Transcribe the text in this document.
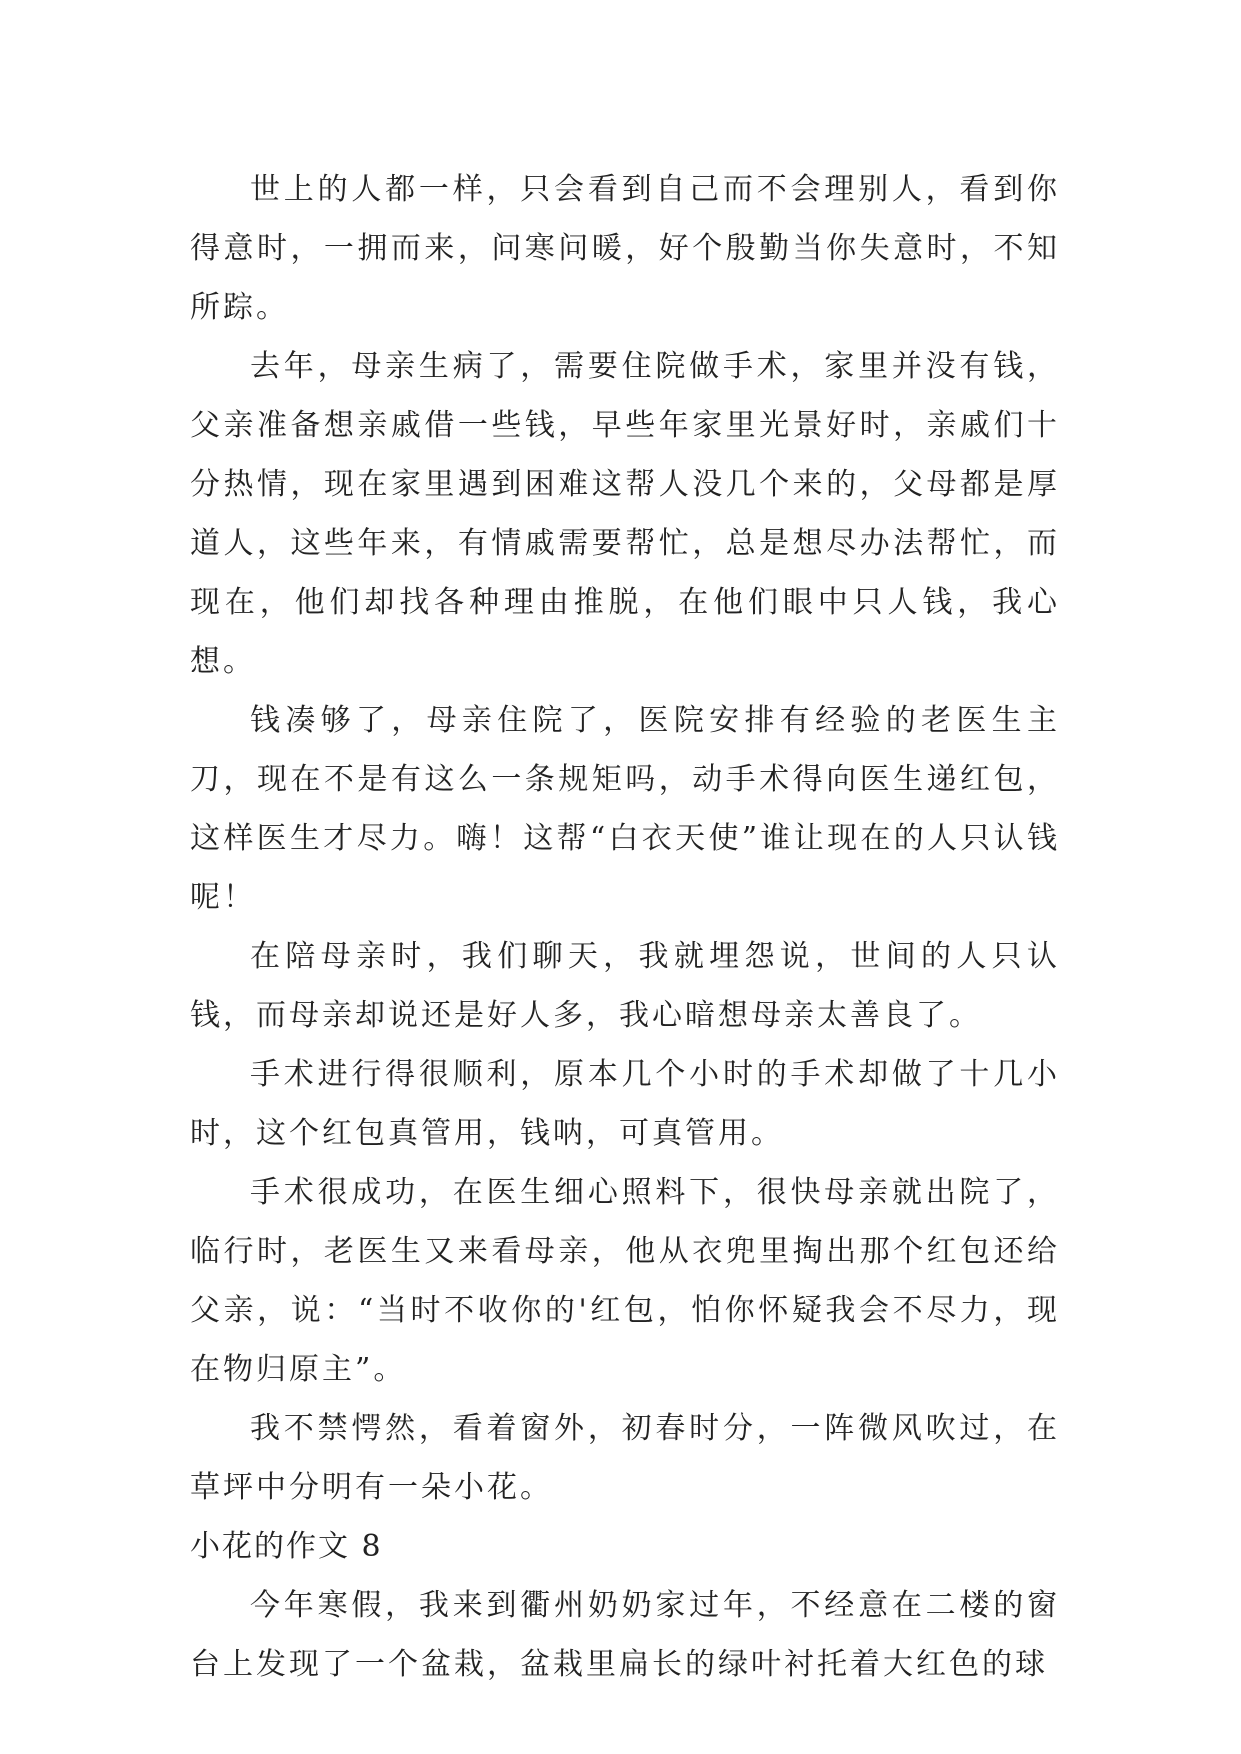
世上的人都一样，只会看到自己而不会理别人，看到你得意时，一拥而来，问寒问暖，好个殷勤当你失意时，不知所踪。

去年，母亲生病了，需要住院做手术，家里并没有钱，父亲准备想亲戚借一些钱，早些年家里光景好时，亲戚们十分热情，现在家里遇到困难这帮人没几个来的，父母都是厚道人，这些年来，有情戚需要帮忙，总是想尽办法帮忙，而现在，他们却找各种理由推脱，在他们眼中只人钱，我心想。

钱凑够了，母亲住院了，医院安排有经验的老医生主刀，现在不是有这么一条规矩吗，动手术得向医生递红包，这样医生才尽力。嗨！这帮“白衣天使”谁让现在的人只认钱呢！

在陪母亲时，我们聊天，我就埋怨说，世间的人只认钱，而母亲却说还是好人多，我心暗想母亲太善良了。

手术进行得很顺利，原本几个小时的手术却做了十几小时，这个红包真管用，钱呐，可真管用。

手术很成功，在医生细心照料下，很快母亲就出院了，临行时，老医生又来看母亲，他从衣兜里掏出那个红包还给父亲，说：“当时不收你的'红包，怕你怀疑我会不尽力，现在物归原主”。

我不禁愕然，看着窗外，初春时分，一阵微风吹过，在草坪中分明有一朵小花。

小花的作文 8

今年寒假，我来到衢州奶奶家过年，不经意在二楼的窗台上发现了一个盆栽，盆栽里扁长的绿叶衬托着大红色的球
